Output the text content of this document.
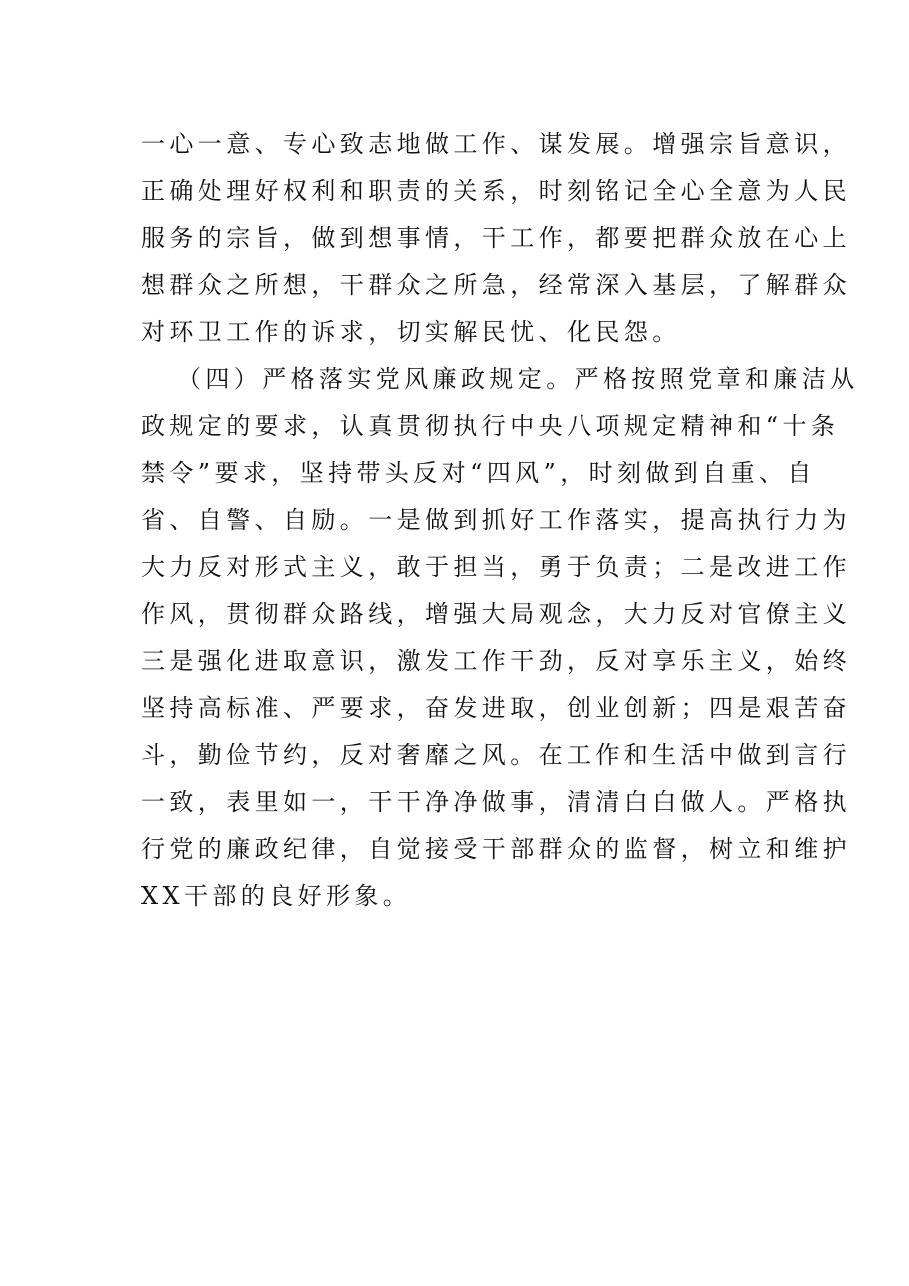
一心一意、专心致志地做工作、谋发展。增强宗旨意识，
正确处理好权利和职责的关系，时刻铭记全心全意为人民
服务的宗旨，做到想事情，干工作，都要把群众放在心上
想群众之所想，干群众之所急，经常深入基层，了解群众
对环卫工作的诉求，切实解民忧、化民怨。
（四）严格落实党风廉政规定。严格按照党章和廉洁从
政规定的要求，认真贯彻执行中央八项规定精神和“十条
禁令”要求，坚持带头反对“四风”，时刻做到自重、自
省、自警、自励。一是做到抓好工作落实，提高执行力为
大力反对形式主义，敢于担当，勇于负责；二是改进工作
作风，贯彻群众路线，增强大局观念，大力反对官僚主义
三是强化进取意识，激发工作干劲，反对享乐主义，始终
坚持高标准、严要求，奋发进取，创业创新；四是艰苦奋
斗，勤俭节约，反对奢靡之风。在工作和生活中做到言行
一致，表里如一，干干净净做事，清清白白做人。严格执
行党的廉政纪律，自觉接受干部群众的监督，树立和维护
XX干部的良好形象。
